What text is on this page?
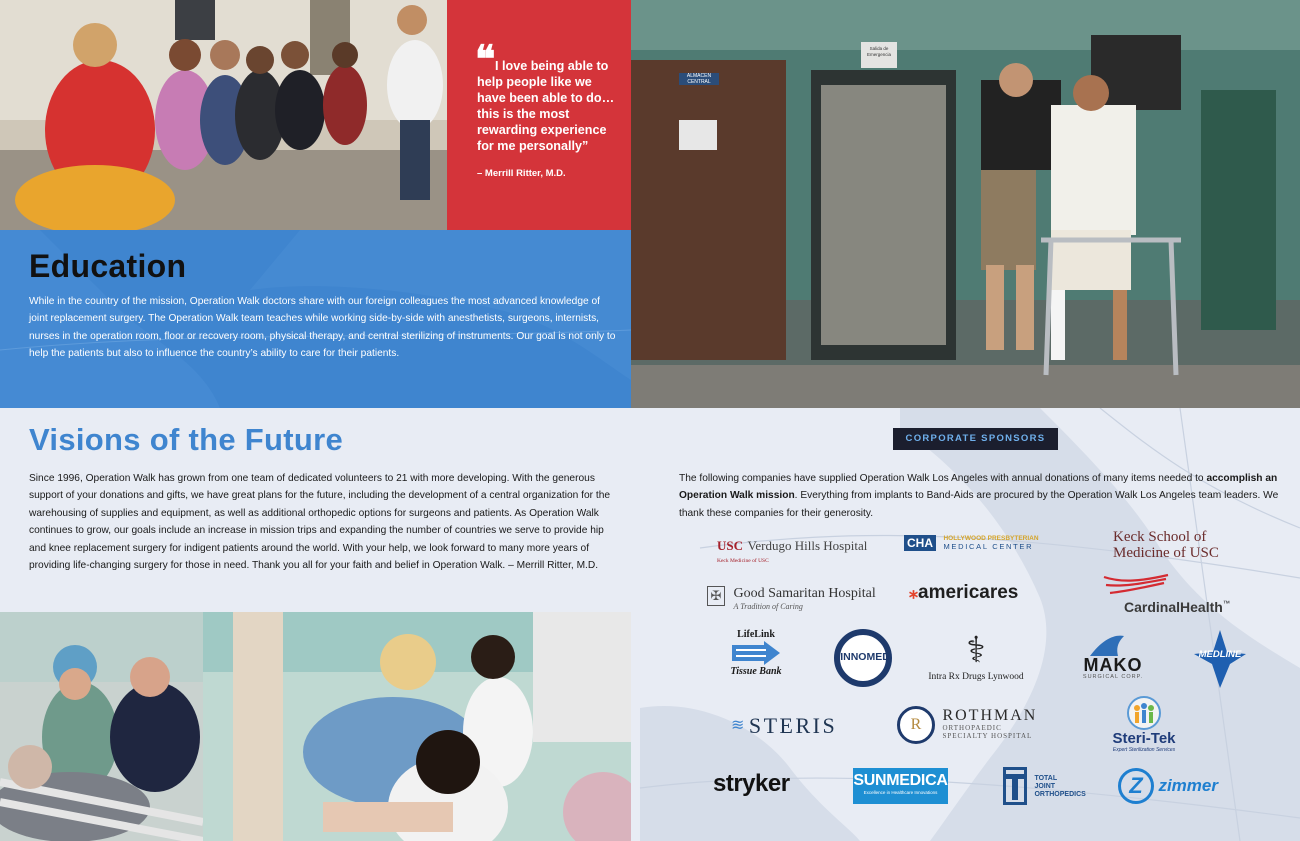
❝ I love being able to help people like we have been able to do… this is the most rewarding experience for me personally”

– Merrill Ritter, M.D.

ALMACEN CENTRAL
Salida de Emergencia
Education

While in the country of the mission, Operation Walk doctors share with our foreign colleagues the most advanced knowledge of joint replacement surgery. The Operation Walk team teaches while working side-by-side with anesthetists, surgeons, internists, nurses in the operation room, floor or recovery room, physical therapy, and central sterilizing of instruments. Our goal is not only to help the patients but also to influence the country’s ability to care for their patients.

Visions of the Future

Since 1996, Operation Walk has grown from one team of dedicated volunteers to 21 with more developing. With the generous support of your donations and gifts, we have great plans for the future, including the development of a central organization for the warehousing of supplies and equipment, as well as additional orthopedic options for surgeons and patients. As Operation Walk continues to grow, our goals include an increase in mission trips and expanding the number of countries we serve to provide hip and knee replacement surgery for indigent patients around the world. With your help, we look forward to many more years of providing life-changing surgery for those in need. Thank you all for your faith and belief in Operation Walk. – Merrill Ritter, M.D.

CORPORATE SPONSORS

The following companies have supplied Operation Walk Los Angeles with annual donations of many items needed to accomplish an Operation Walk mission. Everything from implants to Band-Aids are procured by the Operation Walk Los Angeles team leaders. We thank these companies for their generosity.

USC Verdugo Hills Hospital
Keck Medicine of USC
CHA HOLLYWOOD PRESBYTERIAN
MEDICAL CENTER
Keck School of
Medicine of USC
✠ Good Samaritan Hospital
A Tradition of Caring
⁎americares
CardinalHealth™
LifeLink
Tissue Bank
INNOMED	⚕
Intra Rx Drugs Lynwood
MAKO
SURGICAL CORP.
MEDLINE
≋ STERIS	R
ROTHMAN
ORTHOPAEDIC
SPECIALTY HOSPITAL	Steri-Tek
Expert Sterilization Services
stryker	SUNMEDICA
Excellence in Healthcare Innovations

TOTAL
JOINT
ORTHOPEDICS	Z zimmer
